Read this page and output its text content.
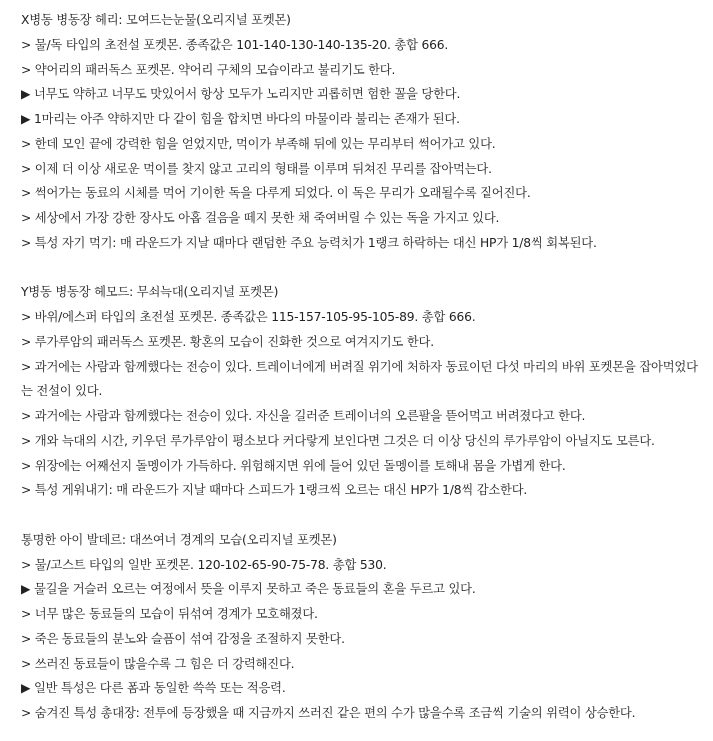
X병동 병동장 헤리: 모여드는눈물(오리지널 포켓몬)
> 물/독 타입의 초전설 포켓몬. 종족값은 101-140-130-140-135-20. 총합 666.
> 약어리의 패러독스 포켓몬. 약어리 구체의 모습이라고 불리기도 한다.
▶ 너무도 약하고 너무도 맛있어서 항상 모두가 노리지만 괴롭히면 험한 꼴을 당한다.
▶ 1마리는 아주 약하지만 다 같이 힘을 합치면 바다의 마물이라 불리는 존재가 된다.
> 한데 모인 끝에 강력한 힘을 얻었지만, 먹이가 부족해 뒤에 있는 무리부터 썩어가고 있다.
> 이제 더 이상 새로운 먹이를 찾지 않고 고리의 형태를 이루며 뒤쳐진 무리를 잡아먹는다.
> 썩어가는 동료의 시체를 먹어 기이한 독을 다루게 되었다. 이 독은 무리가 오래될수록 짙어진다.
> 세상에서 가장 강한 장사도 아홉 걸음을 떼지 못한 채 죽여버릴 수 있는 독을 가지고 있다.
> 특성 자기 먹기: 매 라운드가 지날 때마다 랜덤한 주요 능력치가 1랭크 하락하는 대신 HP가 1/8씩 회복된다.
Y병동 병동장 헤모드: 무쇠늑대(오리지널 포켓몬)
> 바위/에스퍼 타입의 초전설 포켓몬. 종족값은 115-157-105-95-105-89. 총합 666.
> 루가루암의 패러독스 포켓몬. 황혼의 모습이 진화한 것으로 여겨지기도 한다.
> 과거에는 사람과 함께했다는 전승이 있다. 트레이너에게 버려질 위기에 처하자 동료이던 다섯 마리의 바위 포켓몬을 잡아먹었다는 전설이 있다.
> 과거에는 사람과 함께했다는 전승이 있다. 자신을 길러준 트레이너의 오른팔을 뜯어먹고 버려졌다고 한다.
> 개와 늑대의 시간, 키우던 루가루암이 평소보다 커다랗게 보인다면 그것은 더 이상 당신의 루가루암이 아닐지도 모른다.
> 위장에는 어째선지 돌멩이가 가득하다. 위험해지면 위에 들어 있던 돌멩이를 토해내 몸을 가볍게 한다.
> 특성 게워내기: 매 라운드가 지날 때마다 스피드가 1랭크씩 오르는 대신 HP가 1/8씩 감소한다.
통명한 아이 발데르: 대쓰여너 경계의 모습(오리지널 포켓몬)
> 물/고스트 타입의 일반 포켓몬. 120-102-65-90-75-78. 총합 530.
▶ 물길을 거슬러 오르는 여정에서 뜻을 이루지 못하고 죽은 동료들의 혼을 두르고 있다.
> 너무 많은 동료들의 모습이 뒤섞여 경계가 모호해졌다.
> 죽은 동료들의 분노와 슬픔이 섞여 감정을 조절하지 못한다.
> 쓰러진 동료들이 많을수록 그 힘은 더 강력해진다.
▶ 일반 특성은 다른 폼과 동일한 쓱쓱 또는 적응력.
> 숨겨진 특성 총대장: 전투에 등장했을 때 지금까지 쓰러진 같은 편의 수가 많을수록 조금씩 기술의 위력이 상승한다.
